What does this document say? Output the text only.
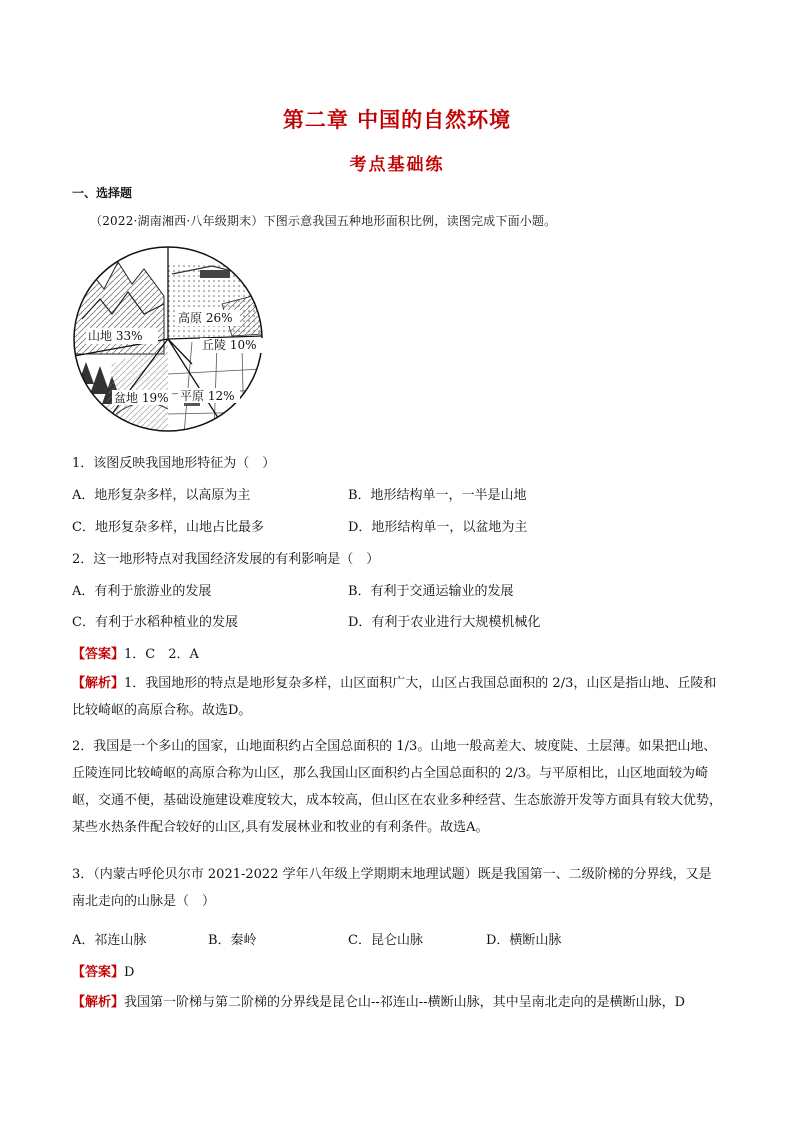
第二章 中国的自然环境
考点基础练
一、选择题
（2022·湖南湘西·八年级期末）下图示意我国五种地形面积比例，读图完成下面小题。
高原 26%
山地 33%
丘陵 10%
盆地 19% 平原 12%
1．该图反映我国地形特征为（　）
A．地形复杂多样，以高原为主	B．地形结构单一，一半是山地
C．地形复杂多样，山地占比最多	D．地形结构单一，以盆地为主
2．这一地形特点对我国经济发展的有利影响是（　）
A．有利于旅游业的发展	B．有利于交通运输业的发展
C．有利于水稻种植业的发展	D．有利于农业进行大规模机械化
【答案】1．C　2．A
【解析】1．我国地形的特点是地形复杂多样，山区面积广大，山区占我国总面积的 2/3，山区是指山地、丘陵和比较崎岖的高原合称。故选D。
2．我国是一个多山的国家，山地面积约占全国总面积的 1/3。山地一般高差大、坡度陡、土层薄。如果把山地、丘陵连同比较崎岖的高原合称为山区，那么我国山区面积约占全国总面积的 2/3。与平原相比，山区地面较为崎岖，交通不便，基础设施建设难度较大，成本较高，但山区在农业多种经营、生态旅游开发等方面具有较大优势，某些水热条件配合较好的山区,具有发展林业和牧业的有利条件。故选A。
3．（内蒙古呼伦贝尔市 2021-2022 学年八年级上学期期末地理试题）既是我国第一、二级阶梯的分界线，又是南北走向的山脉是（　）
A．祁连山脉	B．秦岭	C．昆仑山脉	D．横断山脉
【答案】D
【解析】我国第一阶梯与第二阶梯的分界线是昆仑山--祁连山--横断山脉，其中呈南北走向的是横断山脉，D
